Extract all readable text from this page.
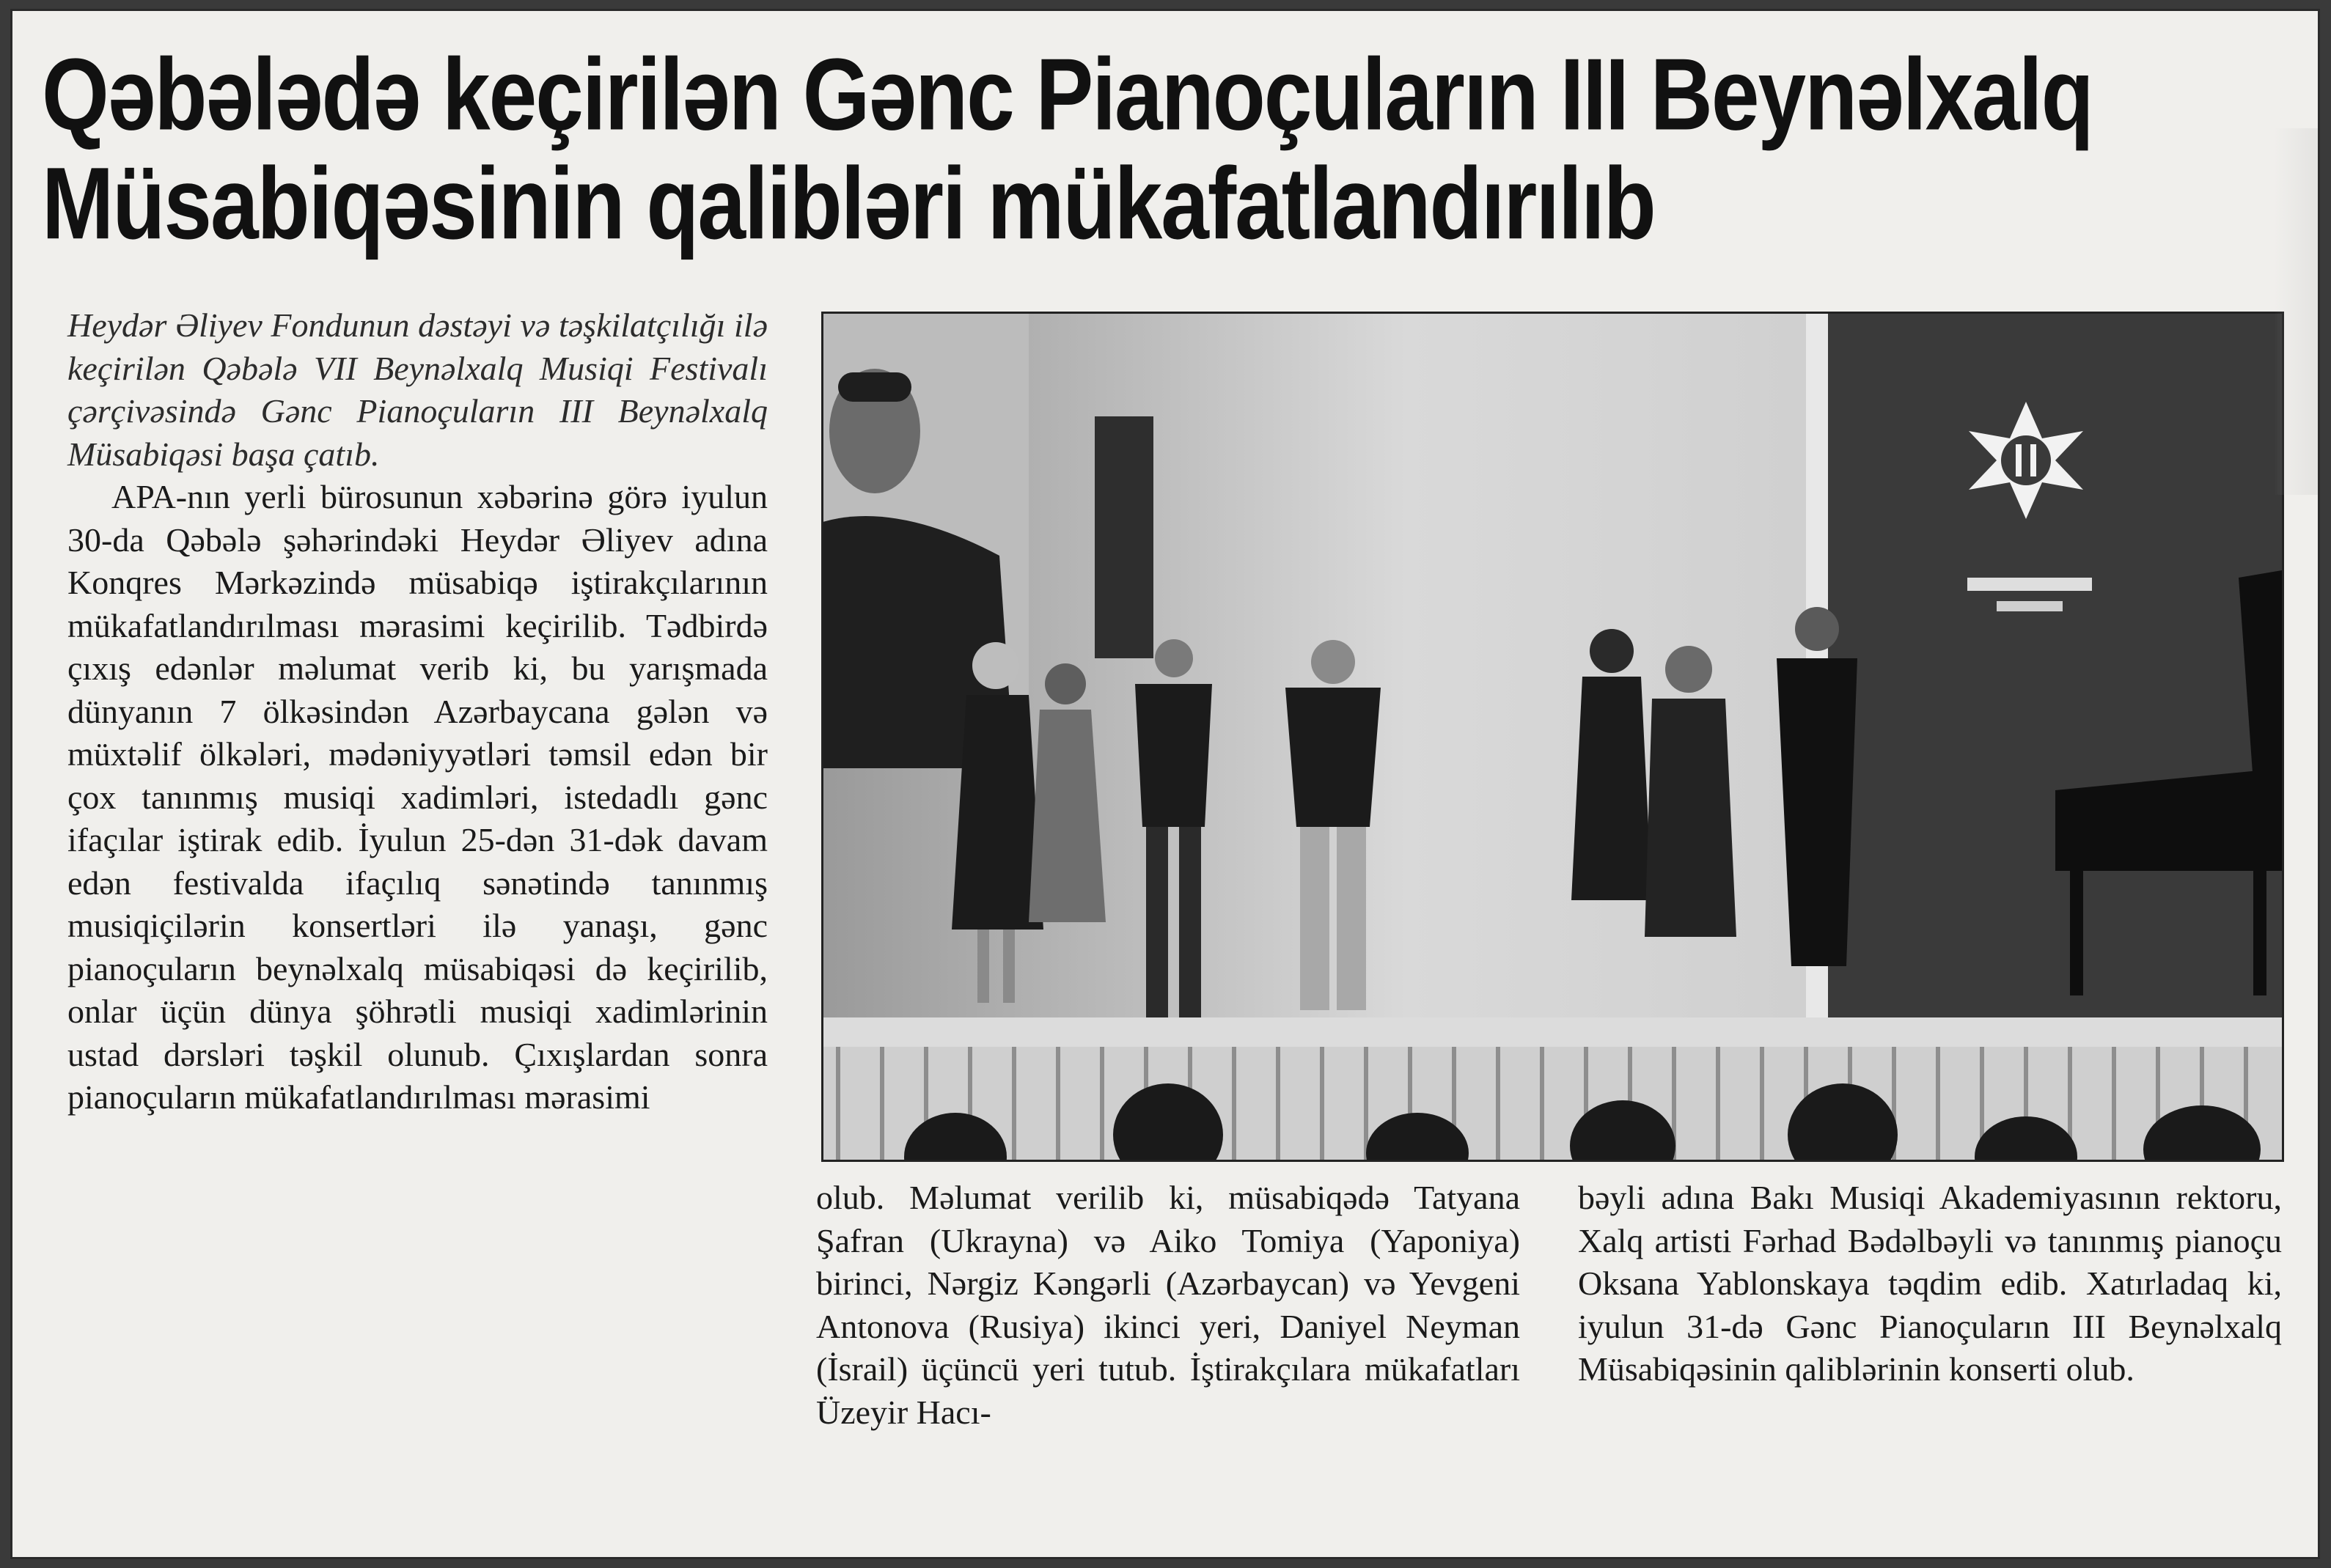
Qəbələdə keçirilən Gənc Pianoçuların III Beynəlxalq
Müsabiqəsinin qalibləri mükafatlandırılıb

Heydər Əliyev Fondunun dəstəyi və təşkilatçılığı ilə keçirilən Qəbələ VII Beynəlxalq Musiqi Festivalı çərçivəsində Gənc Pianoçuların III Beynəlxalq Müsabiqəsi başa çatıb.

APA-nın yerli bürosunun xəbərinə görə iyulun 30-da Qəbələ şəhərindəki Heydər Əliyev adına Konqres Mərkəzində müsabiqə iştirakçılarının mükafatlandırılması mərasimi keçirilib. Tədbirdə çıxış edənlər məlumat verib ki, bu yarışmada dünyanın 7 ölkəsindən Azərbaycana gələn və müxtəlif ölkələri, mədəniyyətləri təmsil edən bir çox tanınmış musiqi xadimləri, istedadlı gənc ifaçılar iştirak edib. İyulun 25-dən 31-dək davam edən festivalda ifaçılıq sənətində tanınmış musiqiçilərin konsertləri ilə yanaşı, gənc pianoçuların beynəlxalq müsabiqəsi də keçirilib, onlar üçün dünya şöhrətli musiqi xadimlərinin ustad dərsləri təşkil olunub. Çıxışlardan sonra pianoçuların mükafatlandırılması mərasimi

olub. Məlumat verilib ki, müsabiqədə Tatyana Şafran (Ukrayna) və Aiko Tomiya (Yaponiya) birinci, Nərgiz Kəngərli (Azərbaycan) və Yevgeni Antonova (Rusiya) ikinci yeri, Daniyel Neyman (İsrail) üçüncü yeri tutub. İştirakçılara mükafatları Üzeyir Hacı-

bəyli adına Bakı Musiqi Akademiyasının rektoru, Xalq artisti Fərhad Bədəlbəyli və tanınmış pianoçu Oksana Yablonskaya təqdim edib. Xatırladaq ki, iyulun 31-də Gənc Pianoçuların III Beynəlxalq Müsabiqəsinin qaliblərinin konserti olub.
